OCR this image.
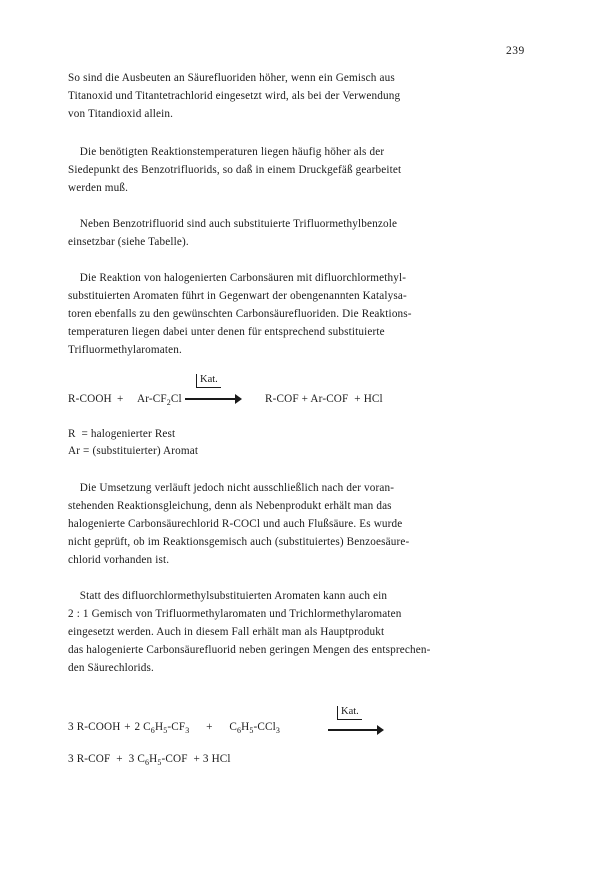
239
So sind die Ausbeuten an Säurefluoriden höher, wenn ein Gemisch aus
Titanoxid und Titantetrachlorid eingesetzt wird, als bei der Verwendung
von Titandioxid allein.
Die benötigten Reaktionstemperaturen liegen häufig höher als der
Siedepunkt des Benzotrifluorids, so daß in einem Druckgefäß gearbeitet
werden muß.
Neben Benzotrifluorid sind auch substituierte Trifluormethylbenzole
einsetzbar (siehe Tabelle).
Die Reaktion von halogenierten Carbonsäuren mit difluorchlormethyl-
substituierten Aromaten führt in Gegenwart der obengenannten Katalysa-
toren ebenfalls zu den gewünschten Carbonsäurefluoriden. Die Reaktions-
temperaturen liegen dabei unter denen für entsprechend substituierte
Trifluormethylaromaten.
Kat.
R-COOH + $Ar-CF_2Cl$	R-COF + Ar-COF  + HCl
R  = halogenierter Rest
Ar = (substituierter) Aromat
Die Umsetzung verläuft jedoch nicht ausschließlich nach der voran-
stehenden Reaktionsgleichung, denn als Nebenprodukt erhält man das
halogenierte Carbonsäurechlorid R-COCl und auch Flußsäure. Es wurde
nicht geprüft, ob im Reaktionsgemisch auch (substituiertes) Benzoesäure-
chlorid vorhanden ist.
Statt des difluorchlormethylsubstituierten Aromaten kann auch ein
2 : 1 Gemisch von Trifluormethylaromaten und Trichlormethylaromaten
eingesetzt werden. Auch in diesem Fall erhält man als Hauptprodukt
das halogenierte Carbonsäurefluorid neben geringen Mengen des entsprechen-
den Säurechlorids.
Kat.
3 R-COOH + 2 $C_6H_5-CF_3 + C_6H_5-CCl_3$
3 R-COF  +  3 $C_6H_5$-COF  + 3 HCl
